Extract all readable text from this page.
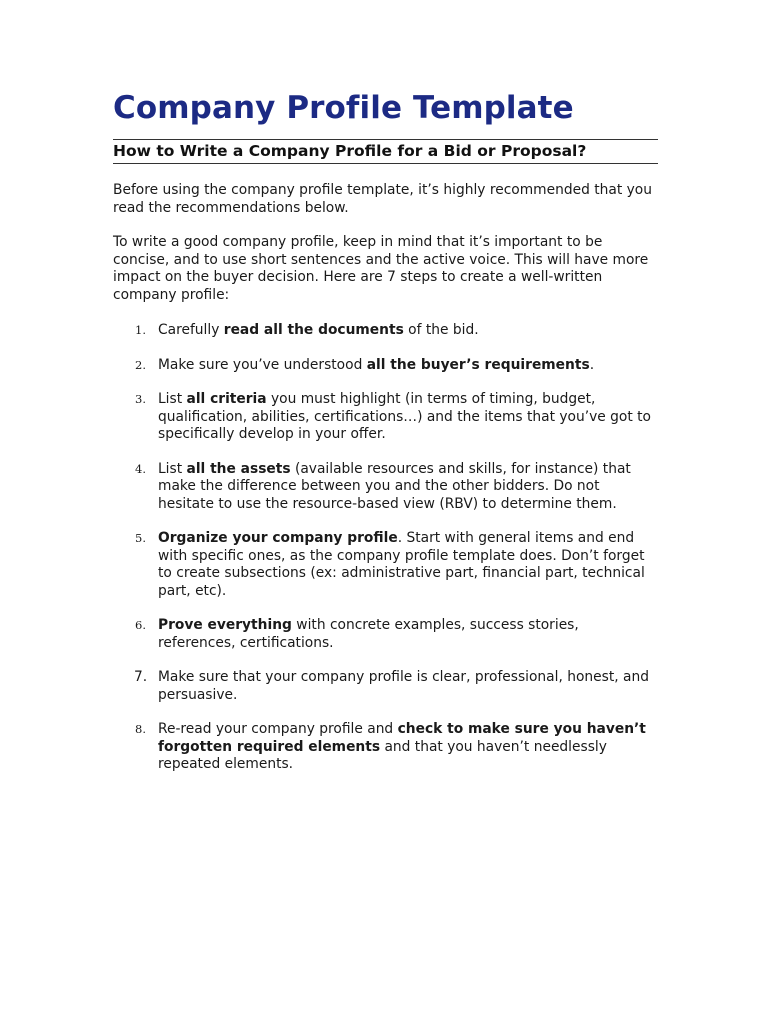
Company Profile Template
How to Write a Company Profile for a Bid or Proposal?

Before using the company profile template, it’s highly recommended that you read the recommendations below.

To write a good company profile, keep in mind that it’s important to be concise, and to use short sentences and the active voice. This will have more impact on the buyer decision. Here are 7 steps to create a well-written company profile:

1. Carefully read all the documents of the bid.
2. Make sure you’ve understood all the buyer’s requirements.
3. List all criteria you must highlight (in terms of timing, budget, qualification, abilities, certifications…) and the items that you’ve got to specifically develop in your offer.
4. List all the assets (available resources and skills, for instance) that make the difference between you and the other bidders. Do not hesitate to use the resource-based view (RBV) to determine them.
5. Organize your company profile. Start with general items and end with specific ones, as the company profile template does. Don’t forget to create subsections (ex: administrative part, financial part, technical part, etc).
6. Prove everything with concrete examples, success stories, references, certifications.
7. Make sure that your company profile is clear, professional, honest, and persuasive.
8. Re-read your company profile and check to make sure you haven’t forgotten required elements and that you haven’t needlessly repeated elements.
